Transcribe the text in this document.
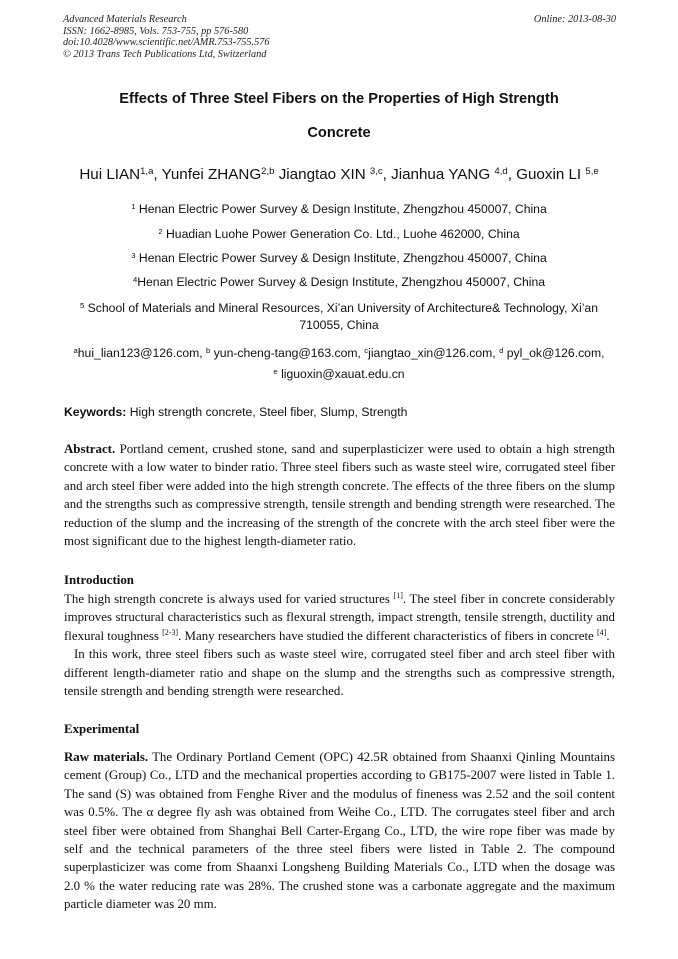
Advanced Materials Research
ISSN: 1662-8985, Vols. 753-755, pp 576-580
doi:10.4028/www.scientific.net/AMR.753-755.576
© 2013 Trans Tech Publications Ltd, Switzerland
Online: 2013-08-30
Effects of Three Steel Fibers on the Properties of High Strength
Concrete
Hui LIAN$^{1,a}$, Yunfei ZHANG$^{2,b}$ Jiangtao XIN $^{3,c}$, Jianhua YANG $^{4,d}$, Guoxin LI $^{5,e}$
$^1$ Henan Electric Power Survey & Design Institute, Zhengzhou 450007, China
$^2$ Huadian Luohe Power Generation Co. Ltd., Luohe 462000, China
$^3$ Henan Electric Power Survey & Design Institute, Zhengzhou 450007, China
$^4$Henan Electric Power Survey & Design Institute, Zhengzhou 450007, China
$^5$ School of Materials and Mineral Resources, Xi’an University of Architecture& Technology, Xi’an
710055, China
$^a$hui_lian123@126.com, $^b$ yun-cheng-tang@163.com, $^c$jiangtao_xin@126.com, $^d$ pyl_ok@126.com,
$^e$ liguoxin@xauat.edu.cn
Keywords: High strength concrete, Steel fiber, Slump, Strength

Abstract. Portland cement, crushed stone, sand and superplasticizer were used to obtain a high strength concrete with a low water to binder ratio. Three steel fibers such as waste steel wire, corrugated steel fiber and arch steel fiber were added into the high strength concrete. The effects of the three fibers on the slump and the strengths such as compressive strength, tensile strength and bending strength were researched. The reduction of the slump and the increasing of the strength of the concrete with the arch steel fiber were the most significant due to the highest length-diameter ratio.

Introduction

The high strength concrete is always used for varied structures [1]. The steel fiber in concrete considerably improves structural characteristics such as flexural strength, impact strength, tensile strength, ductility and flexural toughness [2-3]. Many researchers have studied the different characteristics of fibers in concrete [4].

In this work, three steel fibers such as waste steel wire, corrugated steel fiber and arch steel fiber with different length-diameter ratio and shape on the slump and the strengths such as compressive strength, tensile strength and bending strength were researched.

Experimental

Raw materials. The Ordinary Portland Cement (OPC) 42.5R obtained from Shaanxi Qinling Mountains cement (Group) Co., LTD and the mechanical properties according to GB175-2007 were listed in Table 1. The sand (S) was obtained from Fenghe River and the modulus of fineness was 2.52 and the soil content was 0.5%. The α degree fly ash was obtained from Weihe Co., LTD. The corrugates steel fiber and arch steel fiber were obtained from Shanghai Bell Carter-Ergang Co., LTD, the wire rope fiber was made by self and the technical parameters of the three steel fibers were listed in Table 2. The compound superplasticizer was come from Shaanxi Longsheng Building Materials Co., LTD when the dosage was 2.0 % the water reducing rate was 28%. The crushed stone was a carbonate aggregate and the maximum particle diameter was 20 mm.
